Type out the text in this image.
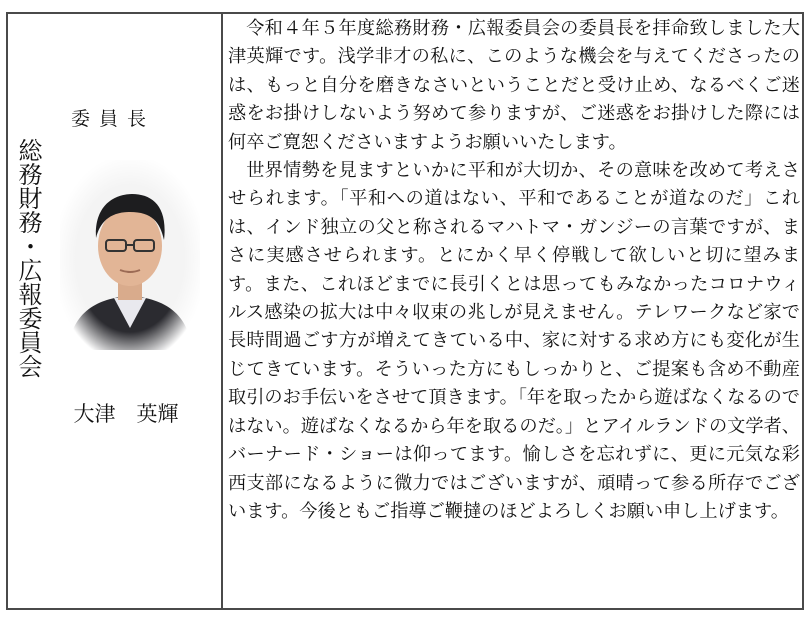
総務財務・広報委員会
委員長
大津　英輝

令和４年５年度総務財務・広報委員会の委員長を拝命致しました大津英輝です。浅学非才の私に、このような機会を与えてくださったのは、もっと自分を磨きなさいということだと受け止め、なるべくご迷惑をお掛けしないよう努めて参りますが、ご迷惑をお掛けした際には何卒ご寛恕くださいますようお願いいたします。

世界情勢を見ますといかに平和が大切か、その意味を改めて考えさせられます。「平和への道はない、平和であることが道なのだ」これは、インド独立の父と称されるマハトマ・ガンジーの言葉ですが、まさに実感させられます。とにかく早く停戦して欲しいと切に望みます。また、これほどまでに長引くとは思ってもみなかったコロナウィルス感染の拡大は中々収束の兆しが見えません。テレワークなど家で長時間過ごす方が増えてきている中、家に対する求め方にも変化が生じてきています。そういった方にもしっかりと、ご提案も含め不動産取引のお手伝いをさせて頂きます。「年を取ったから遊ばなくなるのではない。遊ばなくなるから年を取るのだ。」とアイルランドの文学者、バーナード・ショーは仰ってます。愉しさを忘れずに、更に元気な彩西支部になるように微力ではございますが、頑晴って参る所存でございます。今後ともご指導ご鞭撻のほどよろしくお願い申し上げます。
